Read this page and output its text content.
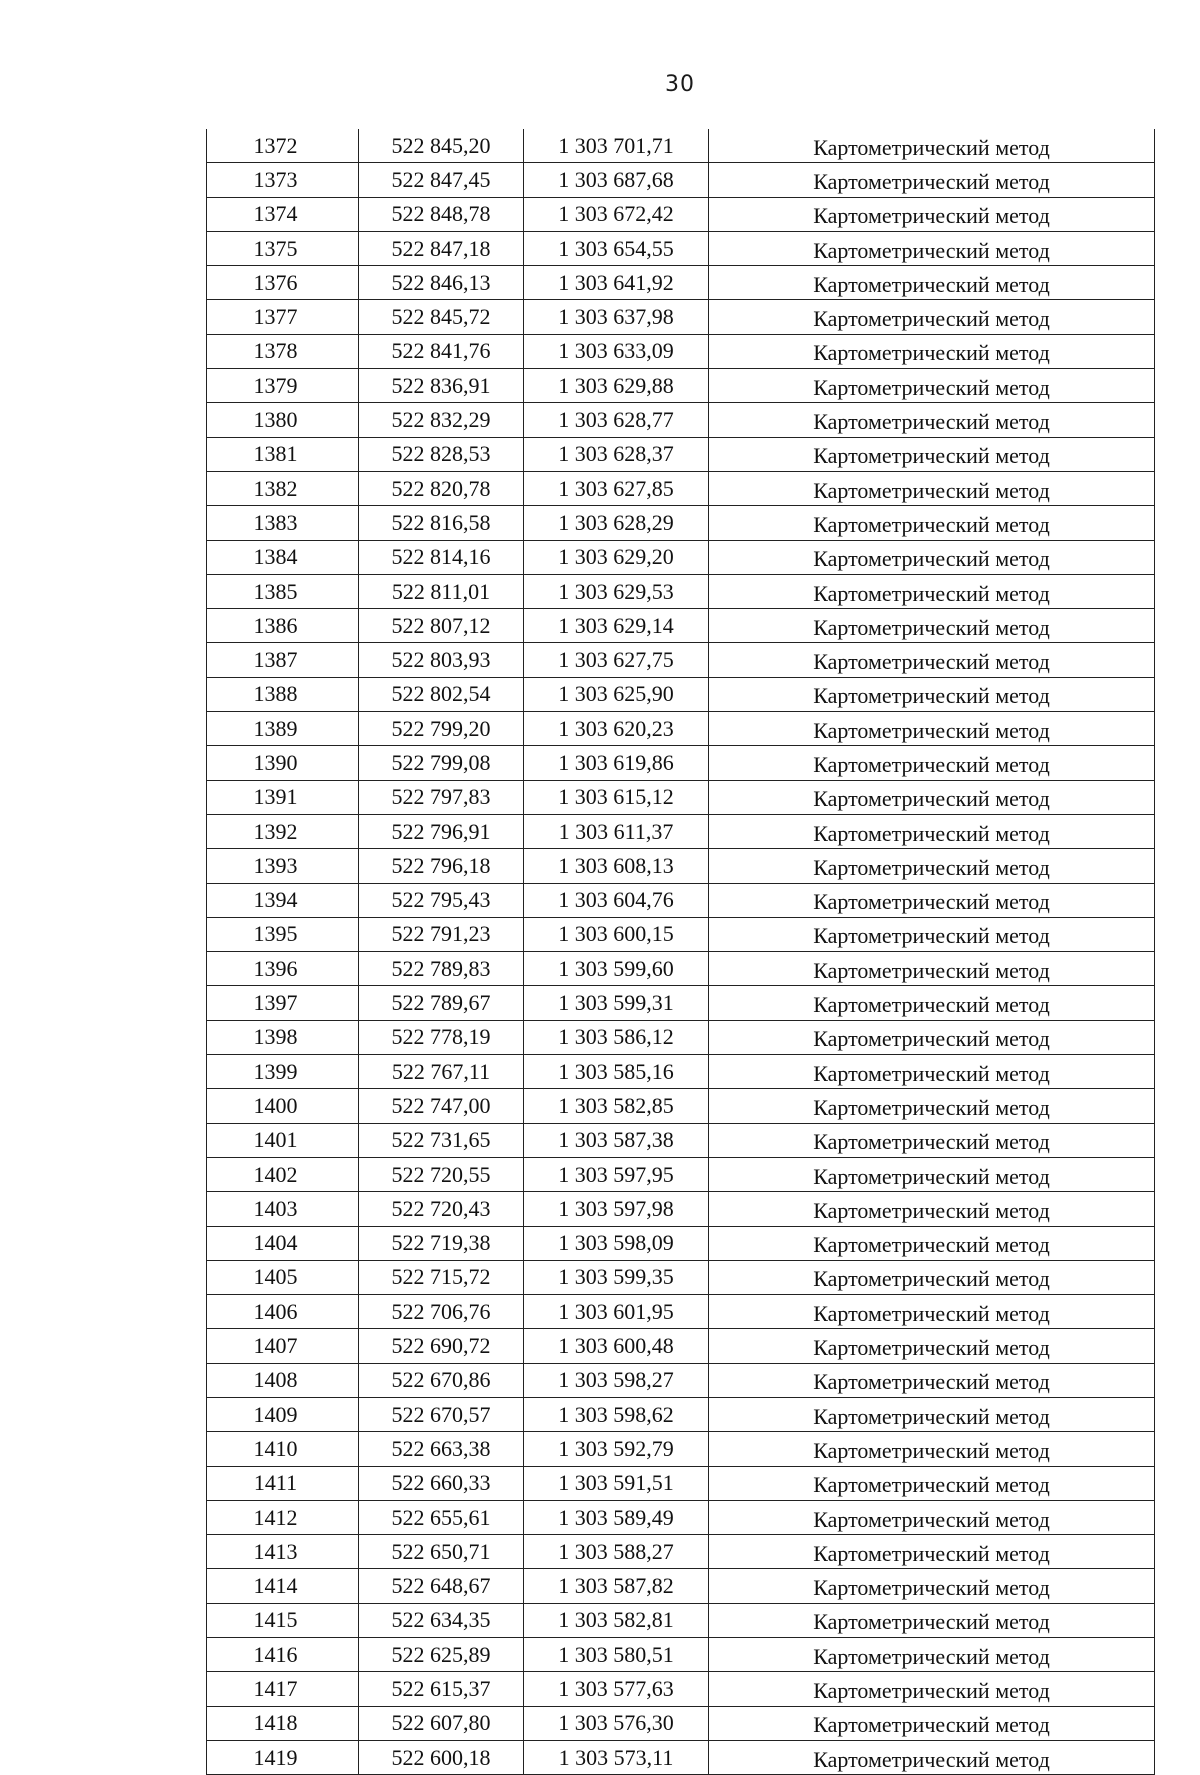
30
1372	522 845,20	1 303 701,71	Картометрический метод
1373	522 847,45	1 303 687,68	Картометрический метод
1374	522 848,78	1 303 672,42	Картометрический метод
1375	522 847,18	1 303 654,55	Картометрический метод
1376	522 846,13	1 303 641,92	Картометрический метод
1377	522 845,72	1 303 637,98	Картометрический метод
1378	522 841,76	1 303 633,09	Картометрический метод
1379	522 836,91	1 303 629,88	Картометрический метод
1380	522 832,29	1 303 628,77	Картометрический метод
1381	522 828,53	1 303 628,37	Картометрический метод
1382	522 820,78	1 303 627,85	Картометрический метод
1383	522 816,58	1 303 628,29	Картометрический метод
1384	522 814,16	1 303 629,20	Картометрический метод
1385	522 811,01	1 303 629,53	Картометрический метод
1386	522 807,12	1 303 629,14	Картометрический метод
1387	522 803,93	1 303 627,75	Картометрический метод
1388	522 802,54	1 303 625,90	Картометрический метод
1389	522 799,20	1 303 620,23	Картометрический метод
1390	522 799,08	1 303 619,86	Картометрический метод
1391	522 797,83	1 303 615,12	Картометрический метод
1392	522 796,91	1 303 611,37	Картометрический метод
1393	522 796,18	1 303 608,13	Картометрический метод
1394	522 795,43	1 303 604,76	Картометрический метод
1395	522 791,23	1 303 600,15	Картометрический метод
1396	522 789,83	1 303 599,60	Картометрический метод
1397	522 789,67	1 303 599,31	Картометрический метод
1398	522 778,19	1 303 586,12	Картометрический метод
1399	522 767,11	1 303 585,16	Картометрический метод
1400	522 747,00	1 303 582,85	Картометрический метод
1401	522 731,65	1 303 587,38	Картометрический метод
1402	522 720,55	1 303 597,95	Картометрический метод
1403	522 720,43	1 303 597,98	Картометрический метод
1404	522 719,38	1 303 598,09	Картометрический метод
1405	522 715,72	1 303 599,35	Картометрический метод
1406	522 706,76	1 303 601,95	Картометрический метод
1407	522 690,72	1 303 600,48	Картометрический метод
1408	522 670,86	1 303 598,27	Картометрический метод
1409	522 670,57	1 303 598,62	Картометрический метод
1410	522 663,38	1 303 592,79	Картометрический метод
1411	522 660,33	1 303 591,51	Картометрический метод
1412	522 655,61	1 303 589,49	Картометрический метод
1413	522 650,71	1 303 588,27	Картометрический метод
1414	522 648,67	1 303 587,82	Картометрический метод
1415	522 634,35	1 303 582,81	Картометрический метод
1416	522 625,89	1 303 580,51	Картометрический метод
1417	522 615,37	1 303 577,63	Картометрический метод
1418	522 607,80	1 303 576,30	Картометрический метод
1419	522 600,18	1 303 573,11	Картометрический метод
